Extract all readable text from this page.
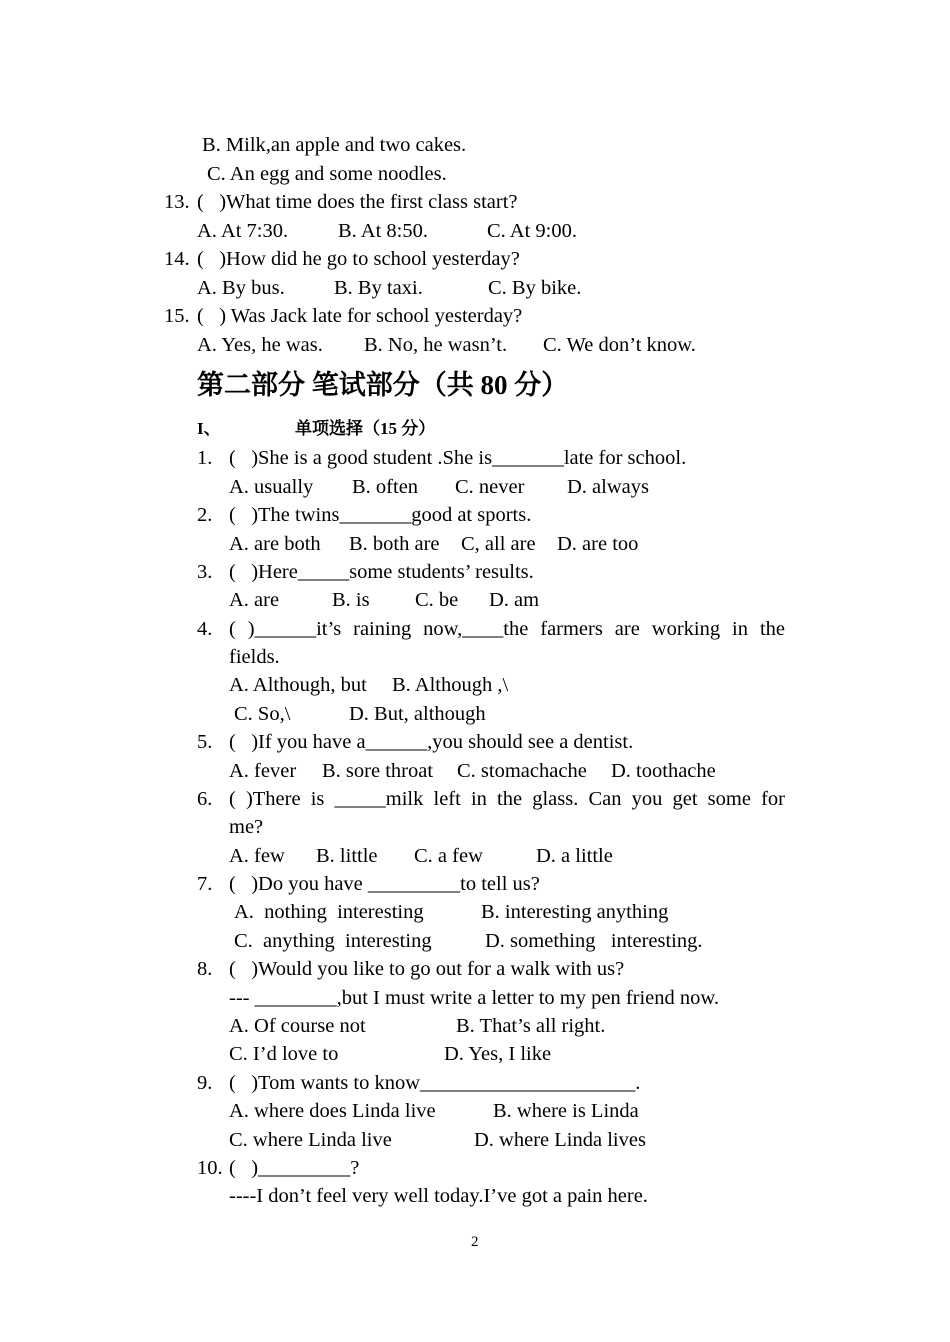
B. Milk,an apple and two cakes.
C. An egg and some noodles.
13. (   )What time does the first class start?
A. At 7:30. B. At 8:50.	C. At 9:00.
14. (   )How did he go to school yesterday?
A. By bus. B. By taxi.	C. By bike.
15. (   ) Was Jack late for school yesterday?
A. Yes, he was. B. No, he wasn’t. C. We don’t know.
第二部分 笔试部分（共 80 分）
I、	单项选择（15 分）
1. (   )She is a good student .She is_______late for school.
A. usually B. often C. never D. always
2. (   )The twins_______good at sports.
A. are both B. both are C, all are D. are too
3. (   )Here_____some students’ results.
A. are	B. is C. be D. am
4. ( )______it’s raining now,____the farmers are working in the
fields.
A. Although, but B. Although ,\
C. So,\	D. But, although
5. (   )If you have a______,you should see a dentist.
A. fever B. sore throat C. stomachache D. toothache
6. ( )There is _____milk left in the glass. Can you get some for
me?
A. few B. little C. a few	D. a little
7. (   )Do you have _________to tell us?
A.  nothing  interesting	B. interesting anything
C.  anything  interesting	D. something   interesting.
8. (   )Would you like to go out for a walk with us?
--- ________,but I must write a letter to my pen friend now.
A. Of course not	B. That’s all right.
C. I’d love to	D. Yes, I like
9. (   )Tom wants to know_____________________.
A. where does Linda live	B. where is Linda
C. where Linda live	D. where Linda lives
10. (   )_________?
----I don’t feel very well today.I’ve got a pain here.
2
